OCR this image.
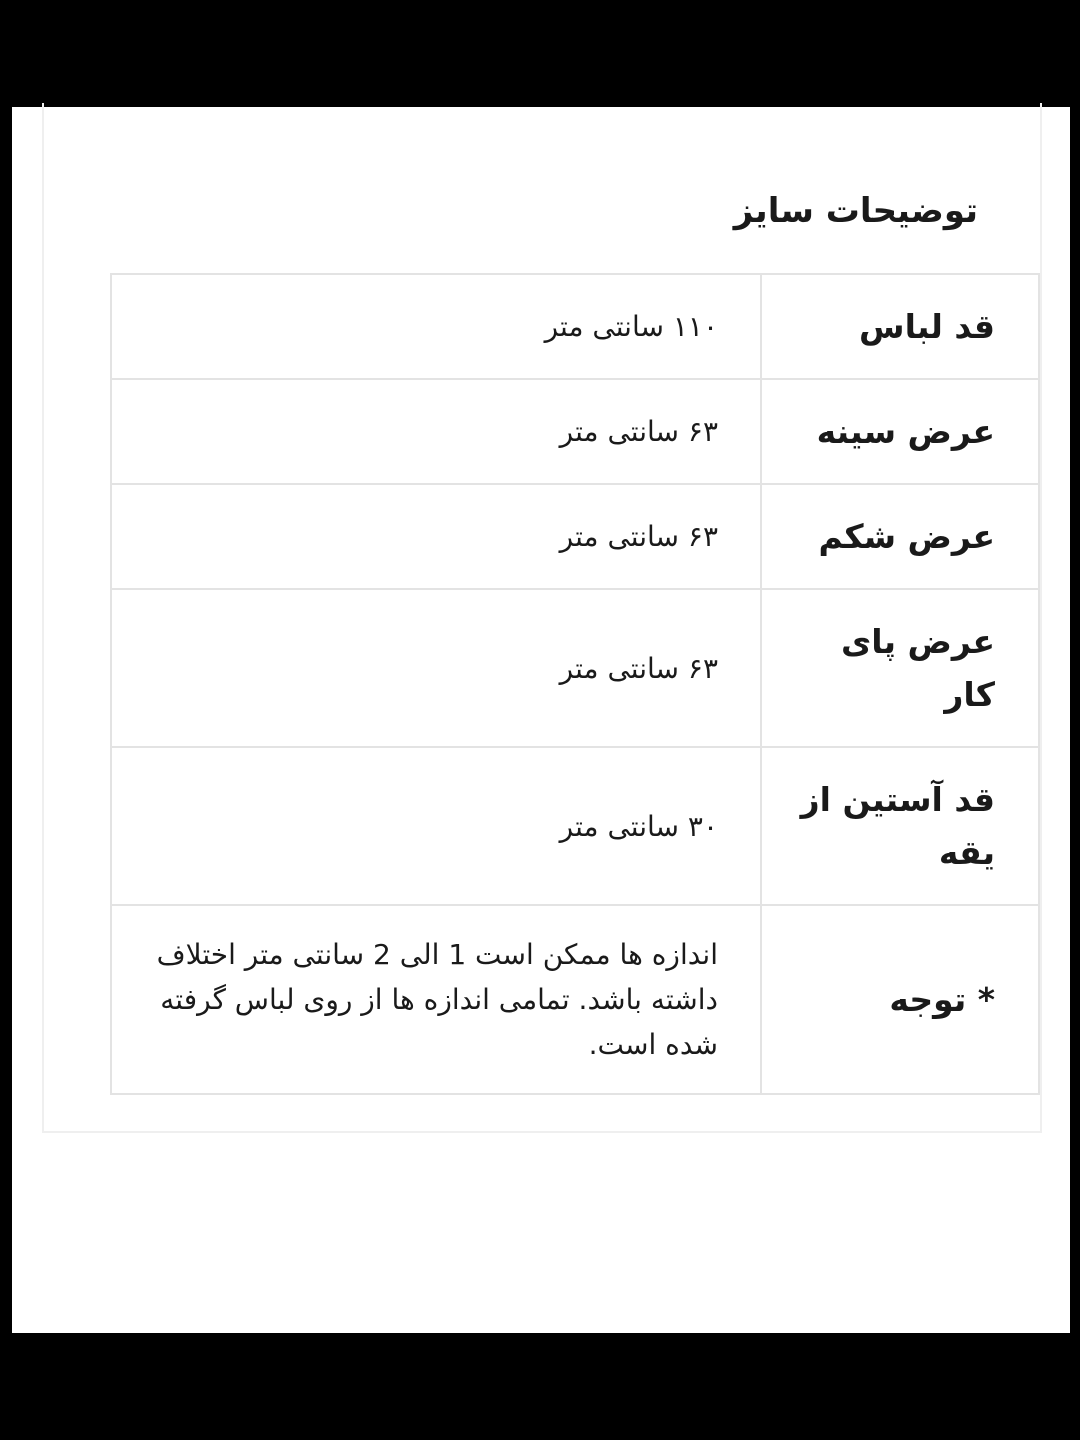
توضیحات سایز
قد لباس	۱۱۰ سانتی متر
عرض سینه	۶۳ سانتی متر
عرض شکم	۶۳ سانتی متر
عرض پای کار	۶۳ سانتی متر
قد آستین از یقه	۳۰ سانتی متر
* توجه	اندازه ها ممکن است 1 الی 2 سانتی متر اختلاف داشته باشد. تمامی اندازه ها از روی لباس گرفته شده است.
